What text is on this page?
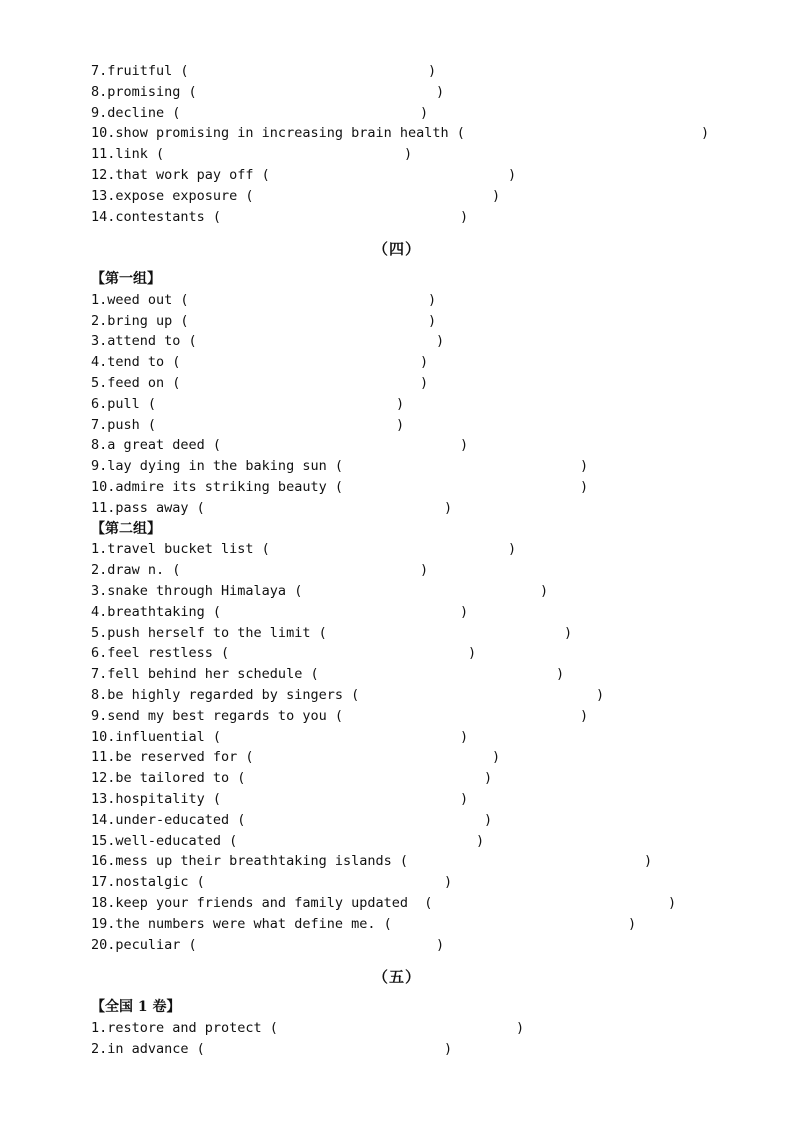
7.fruitful (	)
8.promising (	)
9.decline (	)
10.show promising in increasing brain health (	)
11.link (	)
12.that work pay off (	)
13.expose exposure (	)
14.contestants (	)
（四）
【第一组】
1.weed out (	)
2.bring up (	)
3.attend to (	)
4.tend to (	)
5.feed on (	)
6.pull (	)
7.push (	)
8.a great deed (	)
9.lay dying in the baking sun (	)
10.admire its striking beauty (	)
11.pass away (	)
【第二组】
1.travel bucket list (	)
2.draw n. (	)
3.snake through Himalaya (	)
4.breathtaking (	)
5.push herself to the limit (	)
6.feel restless (	)
7.fell behind her schedule (	)
8.be highly regarded by singers (	)
9.send my best regards to you (	)
10.influential (	)
11.be reserved for (	)
12.be tailored to (	)
13.hospitality (	)
14.under-educated (	)
15.well-educated (	)
16.mess up their breathtaking islands (	)
17.nostalgic (	)
18.keep your friends and family updated  (	)
19.the numbers were what define me. (	)
20.peculiar (	)
（五）
【全国 1 卷】
1.restore and protect (	)
2.in advance (	)
